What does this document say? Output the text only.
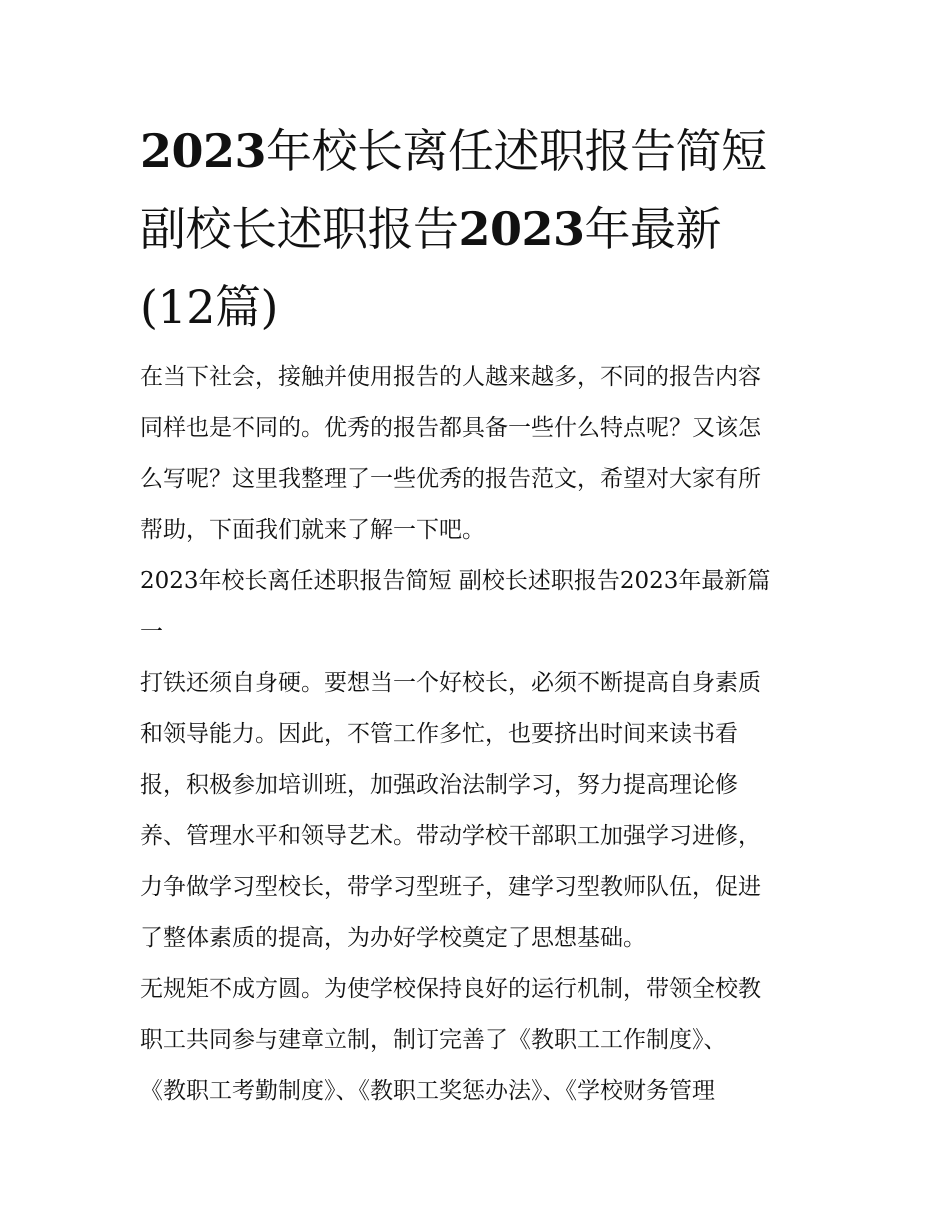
2023年校长离任述职报告简短
副校长述职报告2023年最新
(12篇)
在当下社会，接触并使用报告的人越来越多，不同的报告内容
同样也是不同的。优秀的报告都具备一些什么特点呢？又该怎
么写呢？这里我整理了一些优秀的报告范文，希望对大家有所
帮助，下面我们就来了解一下吧。
2023年校长离任述职报告简短 副校长述职报告2023年最新篇
一
打铁还须自身硬。要想当一个好校长，必须不断提高自身素质
和领导能力。因此，不管工作多忙，也要挤出时间来读书看
报，积极参加培训班，加强政治法制学习，努力提高理论修
养、管理水平和领导艺术。带动学校干部职工加强学习进修，
力争做学习型校长，带学习型班子，建学习型教师队伍，促进
了整体素质的提高，为办好学校奠定了思想基础。
无规矩不成方圆。为使学校保持良好的运行机制，带领全校教
职工共同参与建章立制，制订完善了《教职工工作制度》、
《教职工考勤制度》、《教职工奖惩办法》、《学校财务管理
